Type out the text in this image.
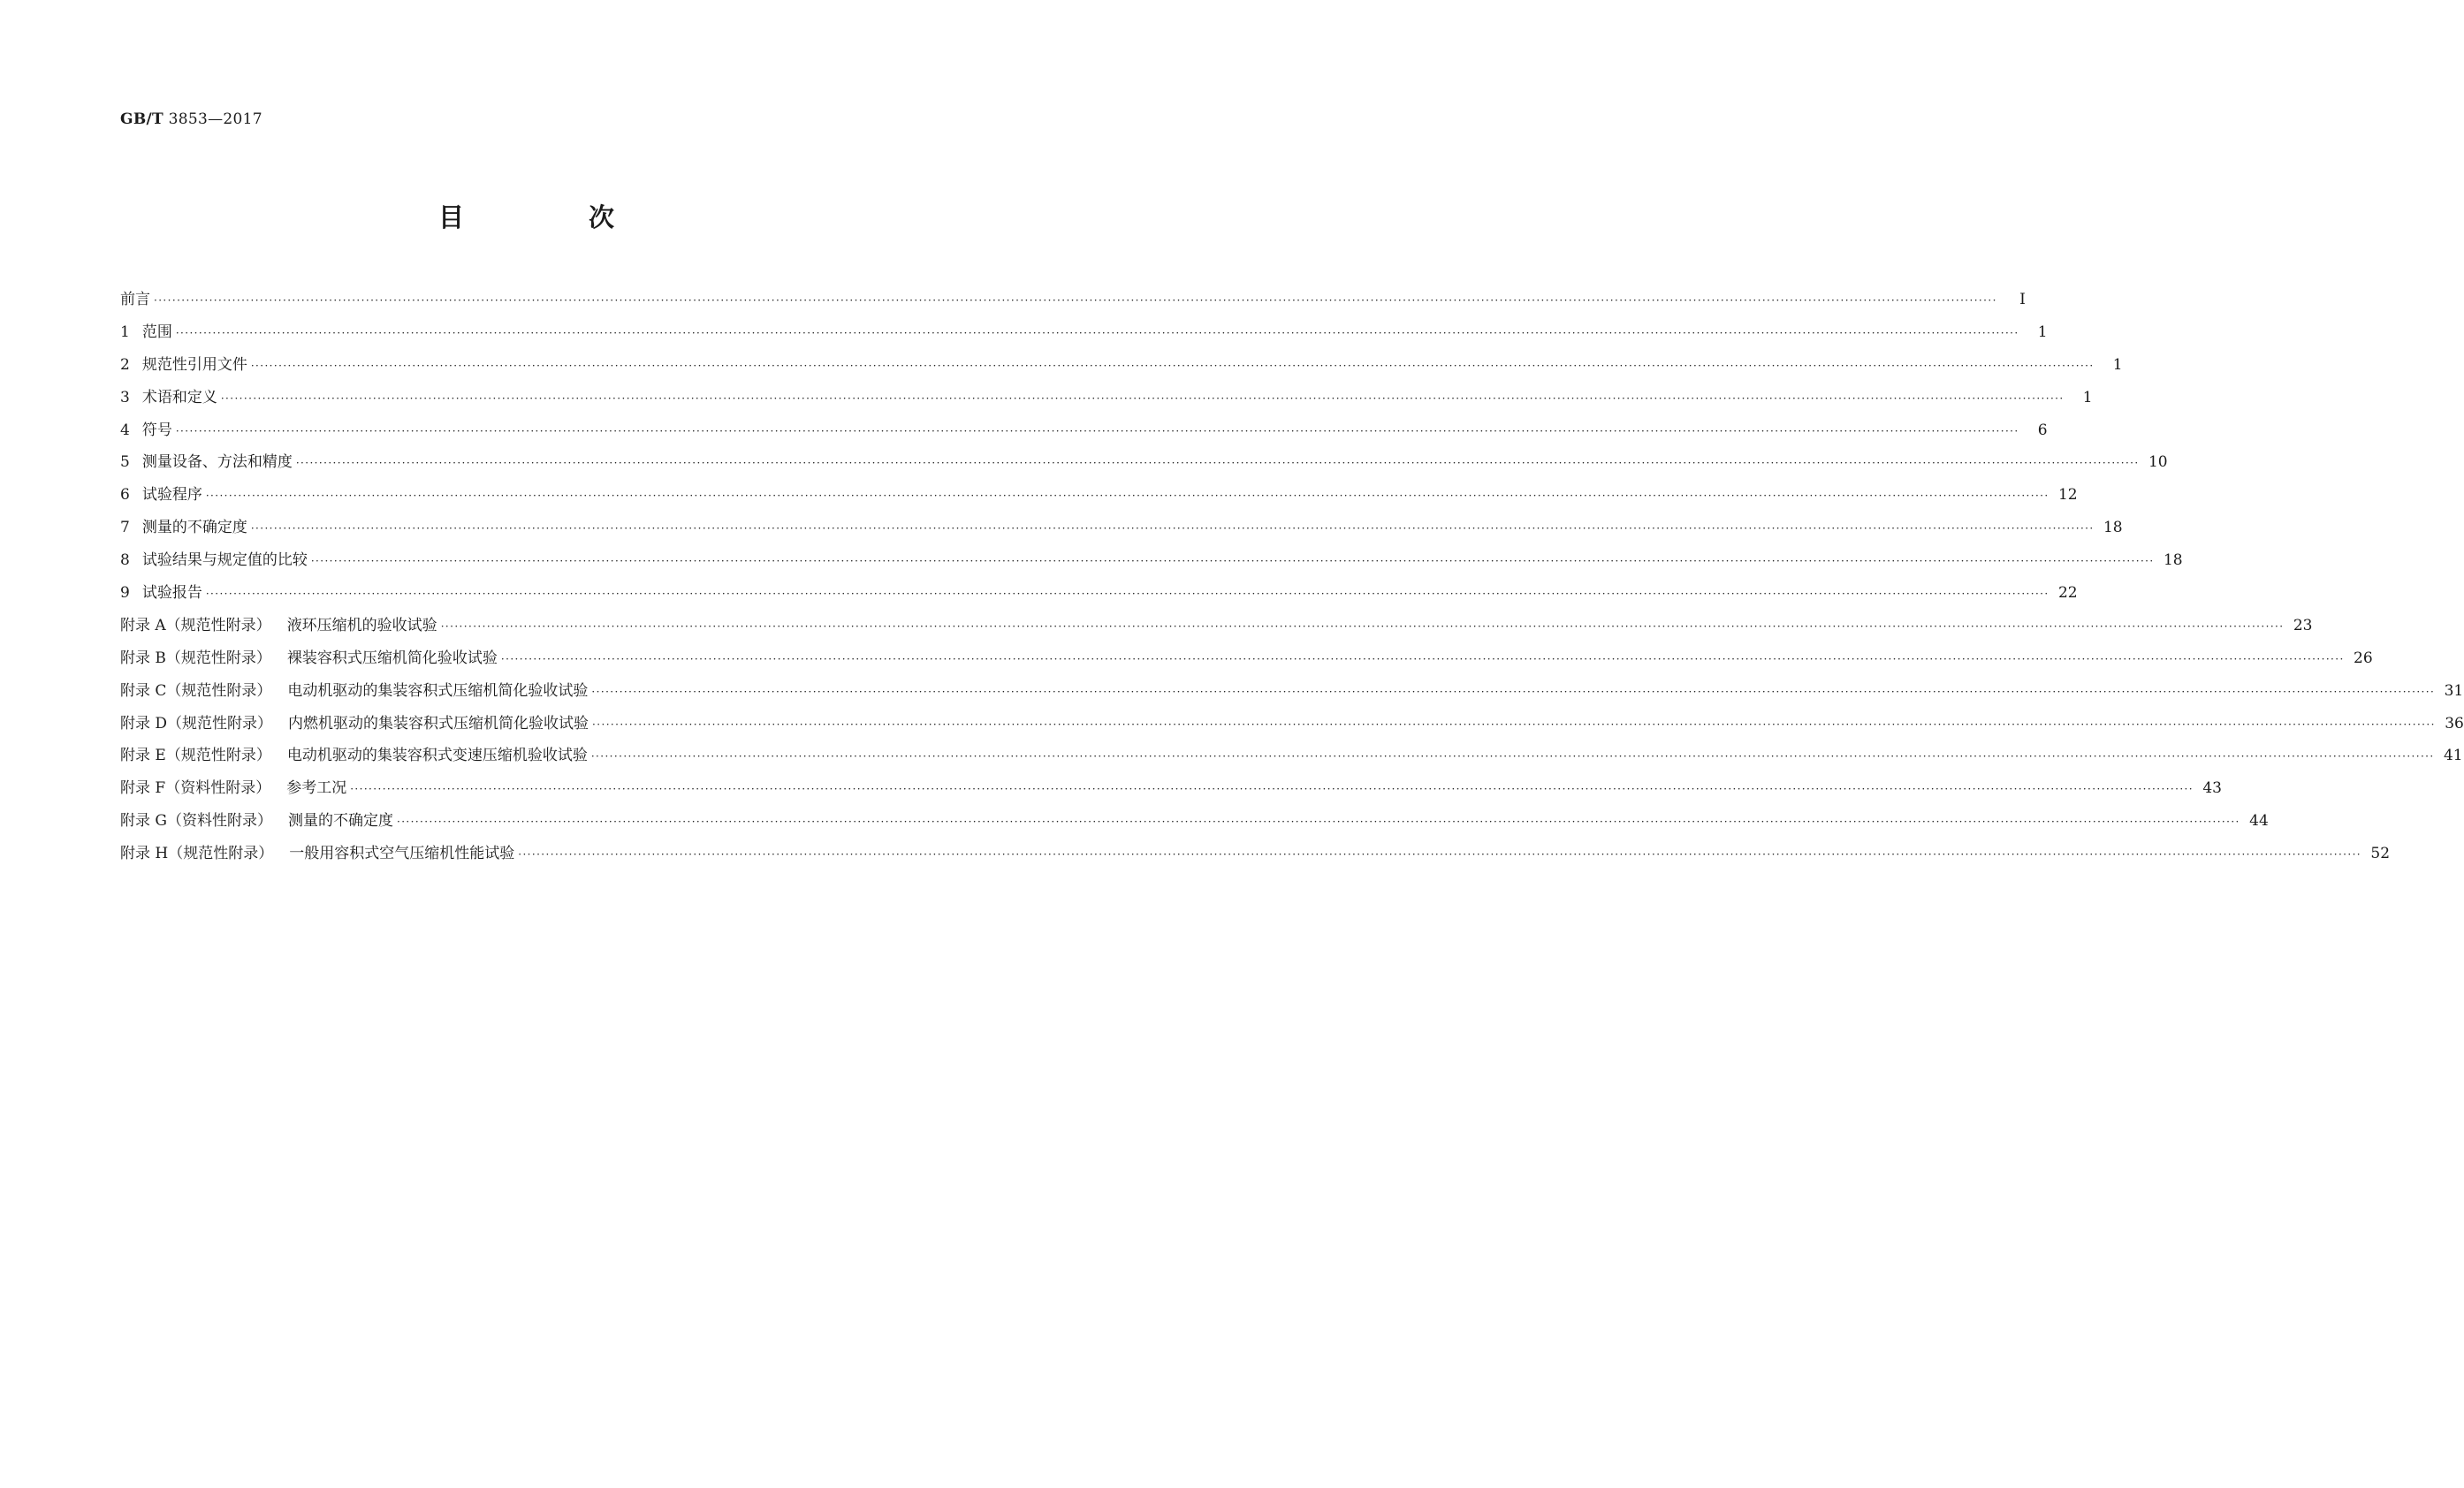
GB/T 3853—2017
目　次
前言 ················································································································································································································································································································································································································	Ⅰ
1 范围 ················································································································································································································································································································································································································	1
2 规范性引用文件 ················································································································································································································································································································································································································	1
3 术语和定义 ················································································································································································································································································································································································································	1
4 符号 ················································································································································································································································································································································································································	6
5 测量设备、方法和精度 ················································································································································································································································································································································································································ 10
6 试验程序 ················································································································································································································································································································································································································ 12
7 测量的不确定度 ················································································································································································································································································································································································································ 18
8 试验结果与规定值的比较 ················································································································································································································································································································································································································ 18
9 试验报告 ················································································································································································································································································································································································································ 22
附录 A（规范性附录） 液环压缩机的验收试验 ················································································································································································································································································································································································································ 23
附录 B（规范性附录） 裸装容积式压缩机简化验收试验 ················································································································································································································································································································································································································ 26
附录 C（规范性附录） 电动机驱动的集装容积式压缩机简化验收试验 ················································································································································································································································································································································································································ 31
附录 D（规范性附录） 内燃机驱动的集装容积式压缩机简化验收试验 ················································································································································································································································································································································································································ 36
附录 E（规范性附录） 电动机驱动的集装容积式变速压缩机验收试验 ················································································································································································································································································································································································································ 41
附录 F（资料性附录） 参考工况 ················································································································································································································································································································································································································ 43
附录 G（资料性附录） 测量的不确定度 ················································································································································································································································································································································································································ 44
附录 H（规范性附录） 一般用容积式空气压缩机性能试验 ················································································································································································································································································································································································································ 52
